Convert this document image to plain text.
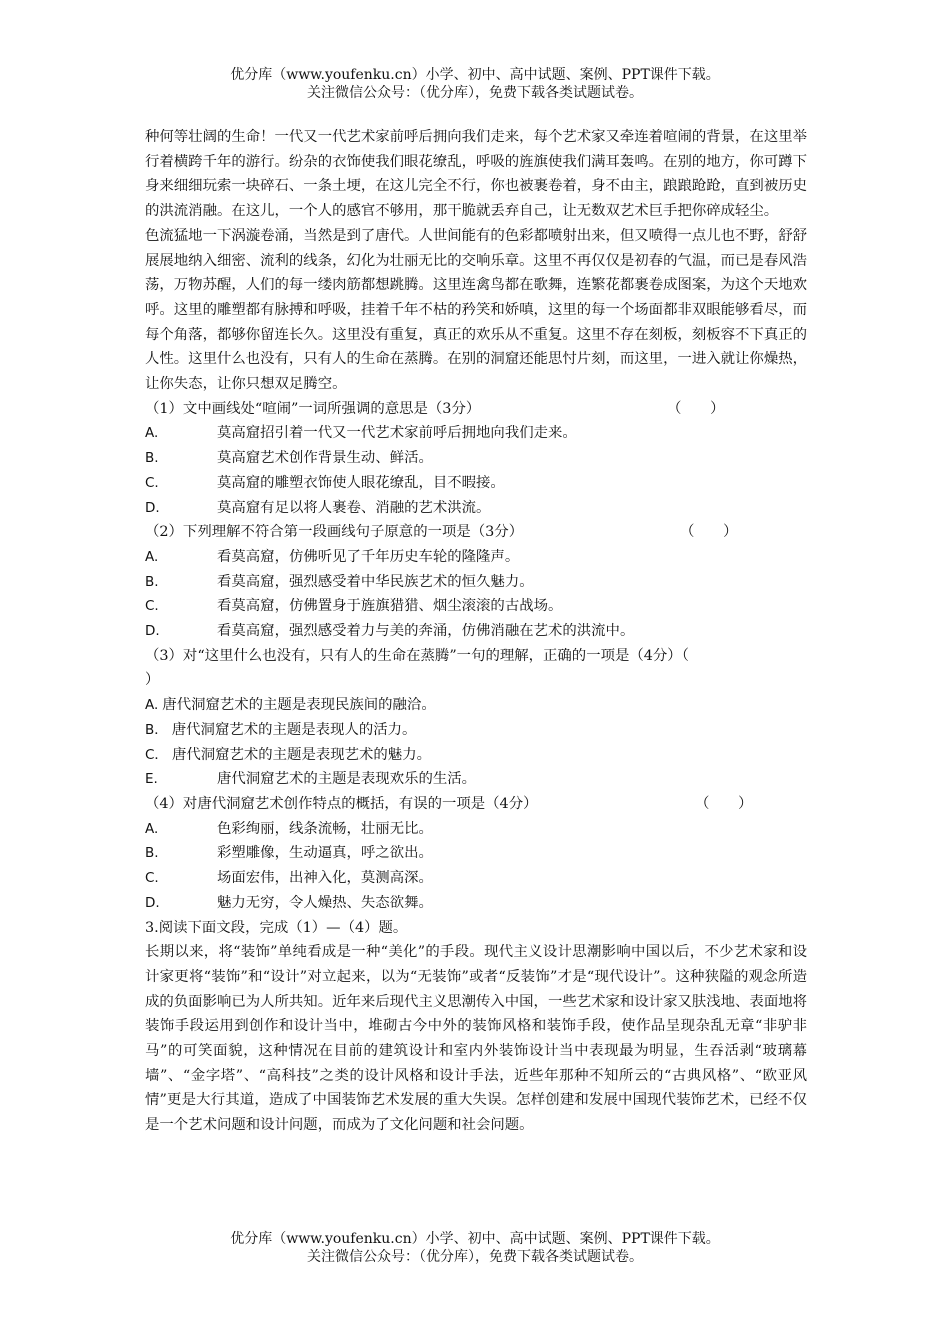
优分库（www.youfenku.cn）小学、初中、高中试题、案例、PPT课件下载。
关注微信公众号：（优分库），免费下载各类试题试卷。

种何等壮阔的生命！一代又一代艺术家前呼后拥向我们走来，每个艺术家又牵连着喧闹的背景，在这里举行着横跨千年的游行。纷杂的衣饰使我们眼花缭乱，呼吸的旌旗使我们满耳轰鸣。在别的地方，你可蹲下身来细细玩索一块碎石、一条土埂，在这儿完全不行，你也被裹卷着，身不由主，踉踉跄跄，直到被历史的洪流消融。在这儿，一个人的感官不够用，那干脆就丢弃自己，让无数双艺术巨手把你碎成轻尘。

色流猛地一下涡漩卷涌，当然是到了唐代。人世间能有的色彩都喷射出来，但又喷得一点儿也不野，舒舒展展地纳入细密、流利的线条，幻化为壮丽无比的交响乐章。这里不再仅仅是初春的气温，而已是春风浩荡，万物苏醒，人们的每一缕肉筋都想跳腾。这里连禽鸟都在歌舞，连繁花都裹卷成图案，为这个天地欢呼。这里的雕塑都有脉搏和呼吸，挂着千年不枯的矜笑和娇嗔，这里的每一个场面都非双眼能够看尽，而每个角落，都够你留连长久。这里没有重复，真正的欢乐从不重复。这里不存在刻板，刻板容不下真正的人性。这里什么也没有，只有人的生命在蒸腾。在别的洞窟还能思忖片刻，而这里，一进入就让你燥热，让你失态，让你只想双足腾空。

（1）文中画线处“喧闹”一词所强调的意思是（3分）	（　　）
A.	莫高窟招引着一代又一代艺术家前呼后拥地向我们走来。
B.	莫高窟艺术创作背景生动、鲜活。
C.	莫高窟的雕塑衣饰使人眼花缭乱，目不暇接。
D.	莫高窟有足以将人裹卷、消融的艺术洪流。
（2）下列理解不符合第一段画线句子原意的一项是（3分）	（　　）
A.	看莫高窟，仿佛听见了千年历史车轮的隆隆声。
B.	看莫高窟，强烈感受着中华民族艺术的恒久魅力。
C.	看莫高窟，仿佛置身于旌旗猎猎、烟尘滚滚的古战场。
D.	看莫高窟，强烈感受着力与美的奔涌，仿佛消融在艺术的洪流中。
（3）对“这里什么也没有，只有人的生命在蒸腾”一句的理解，正确的一项是（4分）（
）
A. 唐代洞窟艺术的主题是表现民族间的融洽。
B． 唐代洞窟艺术的主题是表现人的活力。
C． 唐代洞窟艺术的主题是表现艺术的魅力。
E.	唐代洞窟艺术的主题是表现欢乐的生活。
（4）对唐代洞窟艺术创作特点的概括，有误的一项是（4分）	（　　）
A.	色彩绚丽，线条流畅，壮丽无比。
B.	彩塑雕像，生动逼真，呼之欲出。
C.	场面宏伟，出神入化，莫测高深。
D.	魅力无穷，令人燥热、失态欲舞。
3.阅读下面文段，完成（1）—（4）题。

长期以来，将“装饰”单纯看成是一种“美化”的手段。现代主义设计思潮影响中国以后，不少艺术家和设计家更将“装饰”和“设计”对立起来，以为“无装饰”或者“反装饰”才是“现代设计”。这种狭隘的观念所造成的负面影响已为人所共知。近年来后现代主义思潮传入中国，一些艺术家和设计家又肤浅地、表面地将装饰手段运用到创作和设计当中，堆砌古今中外的装饰风格和装饰手段，使作品呈现杂乱无章“非驴非马”的可笑面貌，这种情况在目前的建筑设计和室内外装饰设计当中表现最为明显，生吞活剥“玻璃幕墙”、“金字塔”、“高科技”之类的设计风格和设计手法，近些年那种不知所云的“古典风格”、“欧亚风情”更是大行其道，造成了中国装饰艺术发展的重大失误。怎样创建和发展中国现代装饰艺术，已经不仅是一个艺术问题和设计问题，而成为了文化问题和社会问题。

优分库（www.youfenku.cn）小学、初中、高中试题、案例、PPT课件下载。
关注微信公众号：（优分库），免费下载各类试题试卷。
